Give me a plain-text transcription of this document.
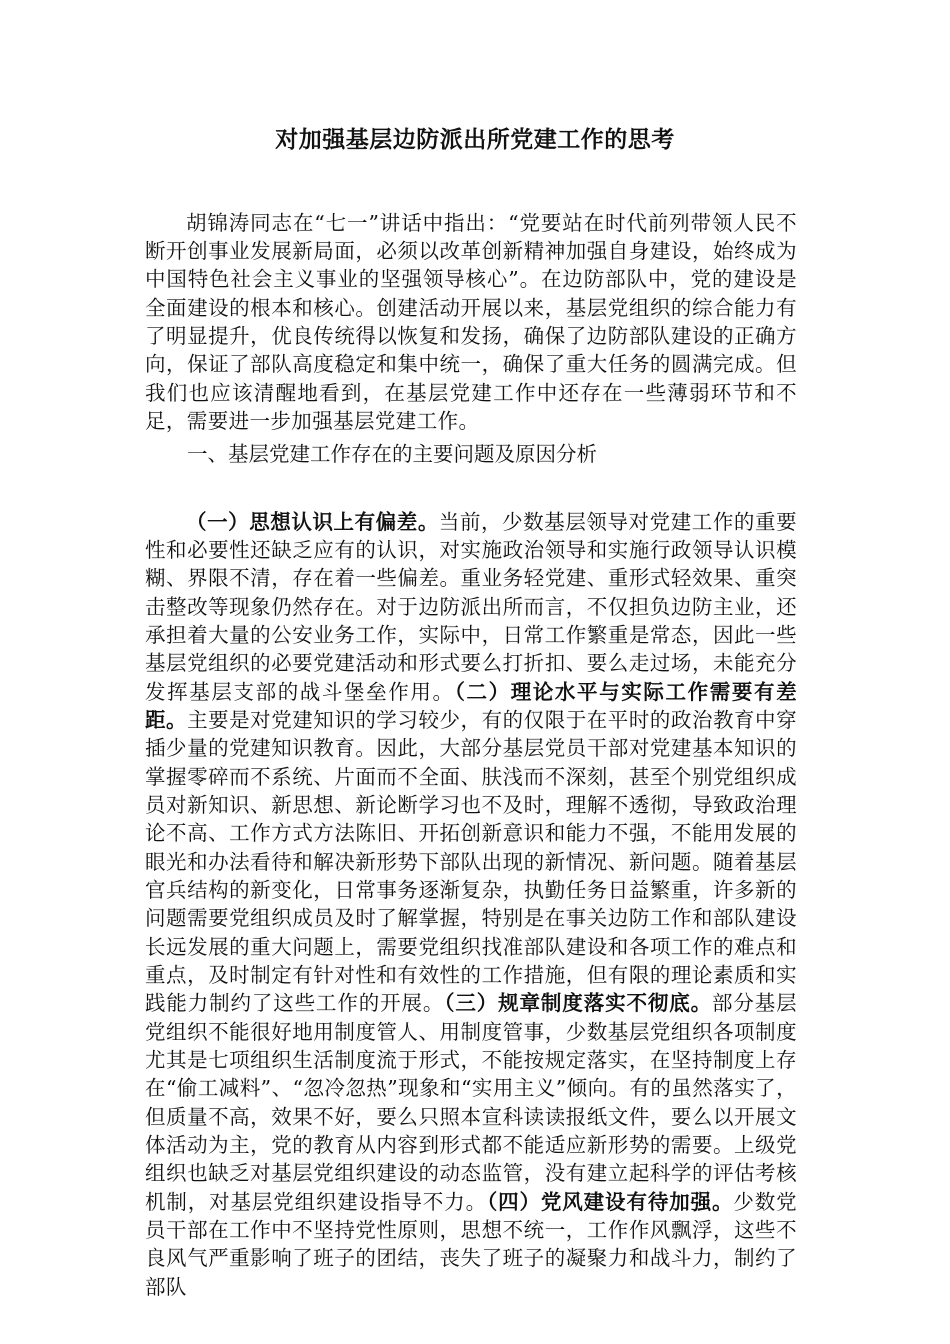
对加强基层边防派出所党建工作的思考

胡锦涛同志在“七一”讲话中指出：“党要站在时代前列带领人民不断开创事业发展新局面，必须以改革创新精神加强自身建设，始终成为中国特色社会主义事业的坚强领导核心”。在边防部队中，党的建设是全面建设的根本和核心。创建活动开展以来，基层党组织的综合能力有了明显提升，优良传统得以恢复和发扬，确保了边防部队建设的正确方向，保证了部队高度稳定和集中统一，确保了重大任务的圆满完成。但我们也应该清醒地看到，在基层党建工作中还存在一些薄弱环节和不足，需要进一步加强基层党建工作。

一、基层党建工作存在的主要问题及原因分析

（一）思想认识上有偏差。当前，少数基层领导对党建工作的重要性和必要性还缺乏应有的认识，对实施政治领导和实施行政领导认识模糊、界限不清，存在着一些偏差。重业务轻党建、重形式轻效果、重突击整改等现象仍然存在。对于边防派出所而言，不仅担负边防主业，还承担着大量的公安业务工作，实际中，日常工作繁重是常态，因此一些基层党组织的必要党建活动和形式要么打折扣、要么走过场，未能充分发挥基层支部的战斗堡垒作用。（二）理论水平与实际工作需要有差距。主要是对党建知识的学习较少，有的仅限于在平时的政治教育中穿插少量的党建知识教育。因此，大部分基层党员干部对党建基本知识的掌握零碎而不系统、片面而不全面、肤浅而不深刻，甚至个别党组织成员对新知识、新思想、新论断学习也不及时，理解不透彻，导致政治理论不高、工作方式方法陈旧、开拓创新意识和能力不强，不能用发展的眼光和办法看待和解决新形势下部队出现的新情况、新问题。随着基层官兵结构的新变化，日常事务逐渐复杂，执勤任务日益繁重，许多新的问题需要党组织成员及时了解掌握，特别是在事关边防工作和部队建设长远发展的重大问题上，需要党组织找准部队建设和各项工作的难点和重点，及时制定有针对性和有效性的工作措施，但有限的理论素质和实践能力制约了这些工作的开展。（三）规章制度落实不彻底。部分基层党组织不能很好地用制度管人、用制度管事，少数基层党组织各项制度尤其是七项组织生活制度流于形式，不能按规定落实，在坚持制度上存在“偷工减料”、“忽冷忽热”现象和“实用主义”倾向。有的虽然落实了，但质量不高，效果不好，要么只照本宣科读读报纸文件，要么以开展文体活动为主，党的教育从内容到形式都不能适应新形势的需要。上级党组织也缺乏对基层党组织建设的动态监管，没有建立起科学的评估考核机制，对基层党组织建设指导不力。（四）党风建设有待加强。少数党员干部在工作中不坚持党性原则，思想不统一，工作作风飘浮，这些不良风气严重影响了班子的团结，丧失了班子的凝聚力和战斗力，制约了部队
